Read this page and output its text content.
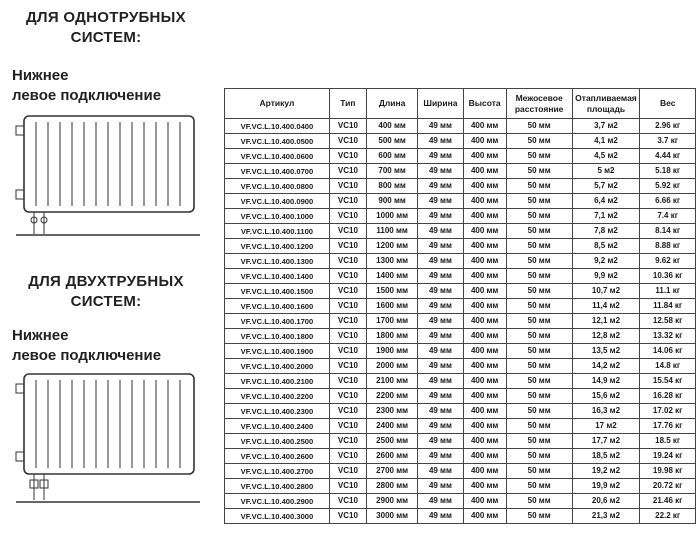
ДЛЯ ОДНОТРУБНЫХ
СИСТЕМ:
Нижнее
левое подключение
ДЛЯ ДВУХТРУБНЫХ
СИСТЕМ:
Нижнее
левое подключение
Артикул	Тип	Длина	Ширина	Высота	Межосевое расстояние	Отапливаемая площадь	Вес
VF.VC.L.10.400.0400	VC10	400 мм	49 мм	400 мм	50 мм	3,7 м2	2.96 кг
VF.VC.L.10.400.0500	VC10	500 мм	49 мм	400 мм	50 мм	4,1 м2	3.7 кг
VF.VC.L.10.400.0600	VC10	600 мм	49 мм	400 мм	50 мм	4,5 м2	4.44 кг
VF.VC.L.10.400.0700	VC10	700 мм	49 мм	400 мм	50 мм	5 м2	5.18 кг
VF.VC.L.10.400.0800	VC10	800 мм	49 мм	400 мм	50 мм	5,7 м2	5.92 кг
VF.VC.L.10.400.0900	VC10	900 мм	49 мм	400 мм	50 мм	6,4 м2	6.66 кг
VF.VC.L.10.400.1000	VC10	1000 мм	49 мм	400 мм	50 мм	7,1 м2	7.4 кг
VF.VC.L.10.400.1100	VC10	1100 мм	49 мм	400 мм	50 мм	7,8 м2	8.14 кг
VF.VC.L.10.400.1200	VC10	1200 мм	49 мм	400 мм	50 мм	8,5 м2	8.88 кг
VF.VC.L.10.400.1300	VC10	1300 мм	49 мм	400 мм	50 мм	9,2 м2	9.62 кг
VF.VC.L.10.400.1400	VC10	1400 мм	49 мм	400 мм	50 мм	9,9 м2	10.36 кг
VF.VC.L.10.400.1500	VC10	1500 мм	49 мм	400 мм	50 мм	10,7 м2	11.1 кг
VF.VC.L.10.400.1600	VC10	1600 мм	49 мм	400 мм	50 мм	11,4 м2	11.84 кг
VF.VC.L.10.400.1700	VC10	1700 мм	49 мм	400 мм	50 мм	12,1 м2	12.58 кг
VF.VC.L.10.400.1800	VC10	1800 мм	49 мм	400 мм	50 мм	12,8 м2	13.32 кг
VF.VC.L.10.400.1900	VC10	1900 мм	49 мм	400 мм	50 мм	13,5 м2	14.06 кг
VF.VC.L.10.400.2000	VC10	2000 мм	49 мм	400 мм	50 мм	14,2 м2	14.8 кг
VF.VC.L.10.400.2100	VC10	2100 мм	49 мм	400 мм	50 мм	14,9 м2	15.54 кг
VF.VC.L.10.400.2200	VC10	2200 мм	49 мм	400 мм	50 мм	15,6 м2	16.28 кг
VF.VC.L.10.400.2300	VC10	2300 мм	49 мм	400 мм	50 мм	16,3 м2	17.02 кг
VF.VC.L.10.400.2400	VC10	2400 мм	49 мм	400 мм	50 мм	17 м2	17.76 кг
VF.VC.L.10.400.2500	VC10	2500 мм	49 мм	400 мм	50 мм	17,7 м2	18.5 кг
VF.VC.L.10.400.2600	VC10	2600 мм	49 мм	400 мм	50 мм	18,5 м2	19.24 кг
VF.VC.L.10.400.2700	VC10	2700 мм	49 мм	400 мм	50 мм	19,2 м2	19.98 кг
VF.VC.L.10.400.2800	VC10	2800 мм	49 мм	400 мм	50 мм	19,9 м2	20.72 кг
VF.VC.L.10.400.2900	VC10	2900 мм	49 мм	400 мм	50 мм	20,6 м2	21.46 кг
VF.VC.L.10.400.3000	VC10	3000 мм	49 мм	400 мм	50 мм	21,3 м2	22.2 кг
